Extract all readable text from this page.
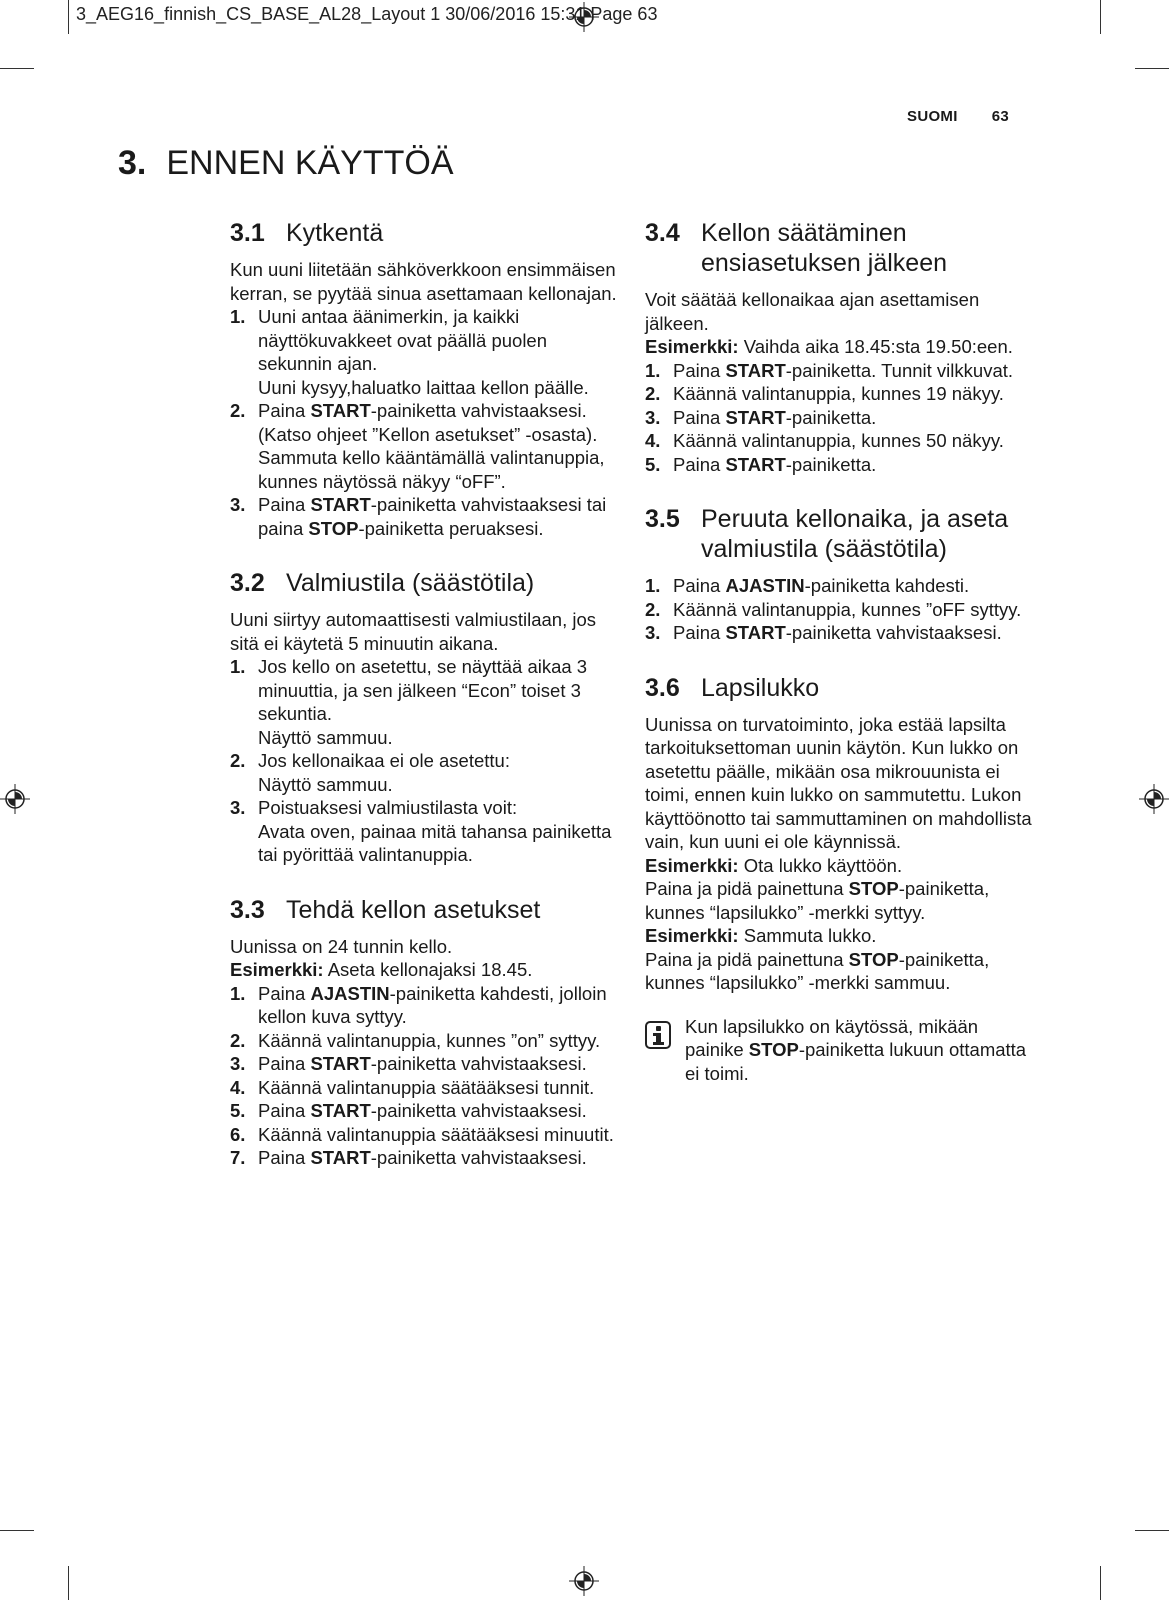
3_AEG16_finnish_CS_BASE_AL28_Layout 1 30/06/2016 15:31 Page 63
SUOMI 63
3. ENNEN KÄYTTÖÄ
3.1 Kytkentä

Kun uuni liitetään sähköverkkoon ensimmäisen kerran, se pyytää sinua asettamaan kellonajan.

1. Uuni antaa äänimerkin, ja kaikki näyttökuvakkeet ovat päällä puolen sekunnin ajan.
Uuni kysyy,haluatko laittaa kellon päälle.
2. Paina START-painiketta vahvistaaksesi. (Katso ohjeet ”Kellon asetukset” -osasta). Sammuta kello kääntämällä valintanuppia, kunnes näytössä näkyy “oFF”.
3. Paina START-painiketta vahvistaaksesi tai paina STOP-painiketta peruaksesi.
3.2 Valmiustila (säästötila)

Uuni siirtyy automaattisesti valmiustilaan, jos sitä ei käytetä 5 minuutin aikana.

1. Jos kello on asetettu, se näyttää aikaa 3 minuuttia, ja sen jälkeen “Econ” toiset 3 sekuntia.
Näyttö sammuu.
2. Jos kellonaikaa ei ole asetettu:
Näyttö sammuu.
3. Poistuaksesi valmiustilasta voit:
Avata oven, painaa mitä tahansa painiketta tai pyörittää valintanuppia.
3.3 Tehdä kellon asetukset

Uunissa on 24 tunnin kello.

Esimerkki: Aseta kellonajaksi 18.45.

1. Paina AJASTIN-painiketta kahdesti, jolloin kellon kuva syttyy.
2. Käännä valintanuppia, kunnes ”on” syttyy.
3. Paina START-painiketta vahvistaaksesi.
4. Käännä valintanuppia säätääksesi tunnit.
5. Paina START-painiketta vahvistaaksesi.
6. Käännä valintanuppia säätääksesi minuutit.
7. Paina START-painiketta vahvistaaksesi.
3.4 Kellon säätäminen ensiasetuksen jälkeen

Voit säätää kellonaikaa ajan asettamisen jälkeen.

Esimerkki: Vaihda aika 18.45:sta 19.50:een.

1. Paina START-painiketta. Tunnit vilkkuvat.
2. Käännä valintanuppia, kunnes 19 näkyy.
3. Paina START-painiketta.
4. Käännä valintanuppia, kunnes 50 näkyy.
5. Paina START-painiketta.
3.5 Peruuta kellonaika, ja aseta valmiustila (säästötila)
1. Paina AJASTIN-painiketta kahdesti.
2. Käännä valintanuppia, kunnes ”oFF syttyy.
3. Paina START-painiketta vahvistaaksesi.
3.6 Lapsilukko

Uunissa on turvatoiminto, joka estää lapsilta tarkoituksettoman uunin käytön. Kun lukko on asetettu päälle, mikään osa mikrouunista ei toimi, ennen kuin lukko on sammutettu. Lukon käyttöönotto tai sammuttaminen on mahdollista vain, kun uuni ei ole käynnissä.

Esimerkki: Ota lukko käyttöön.

Paina ja pidä painettuna STOP-painiketta, kunnes “lapsilukko” -merkki syttyy.

Esimerkki: Sammuta lukko.

Paina ja pidä painettuna STOP-painiketta, kunnes “lapsilukko” -merkki sammuu.

Kun lapsilukko on käytössä, mikään painike STOP-painiketta lukuun ottamatta ei toimi.
